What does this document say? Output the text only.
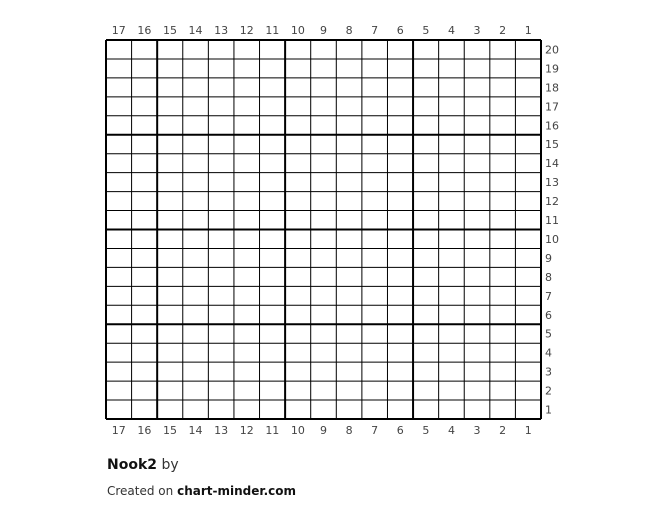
17 16 15 14 13 12 11 10 9 8 7 6 5 4 3 2 1
17 16 15 14 13 12 11 10 9 8 7 6 5 4 3 2 1
20
19
18
17
16
15
14
13
12
11
10
9
8
7
6
5
4
3
2
1
Nook2 by
Created on chart-minder.com
